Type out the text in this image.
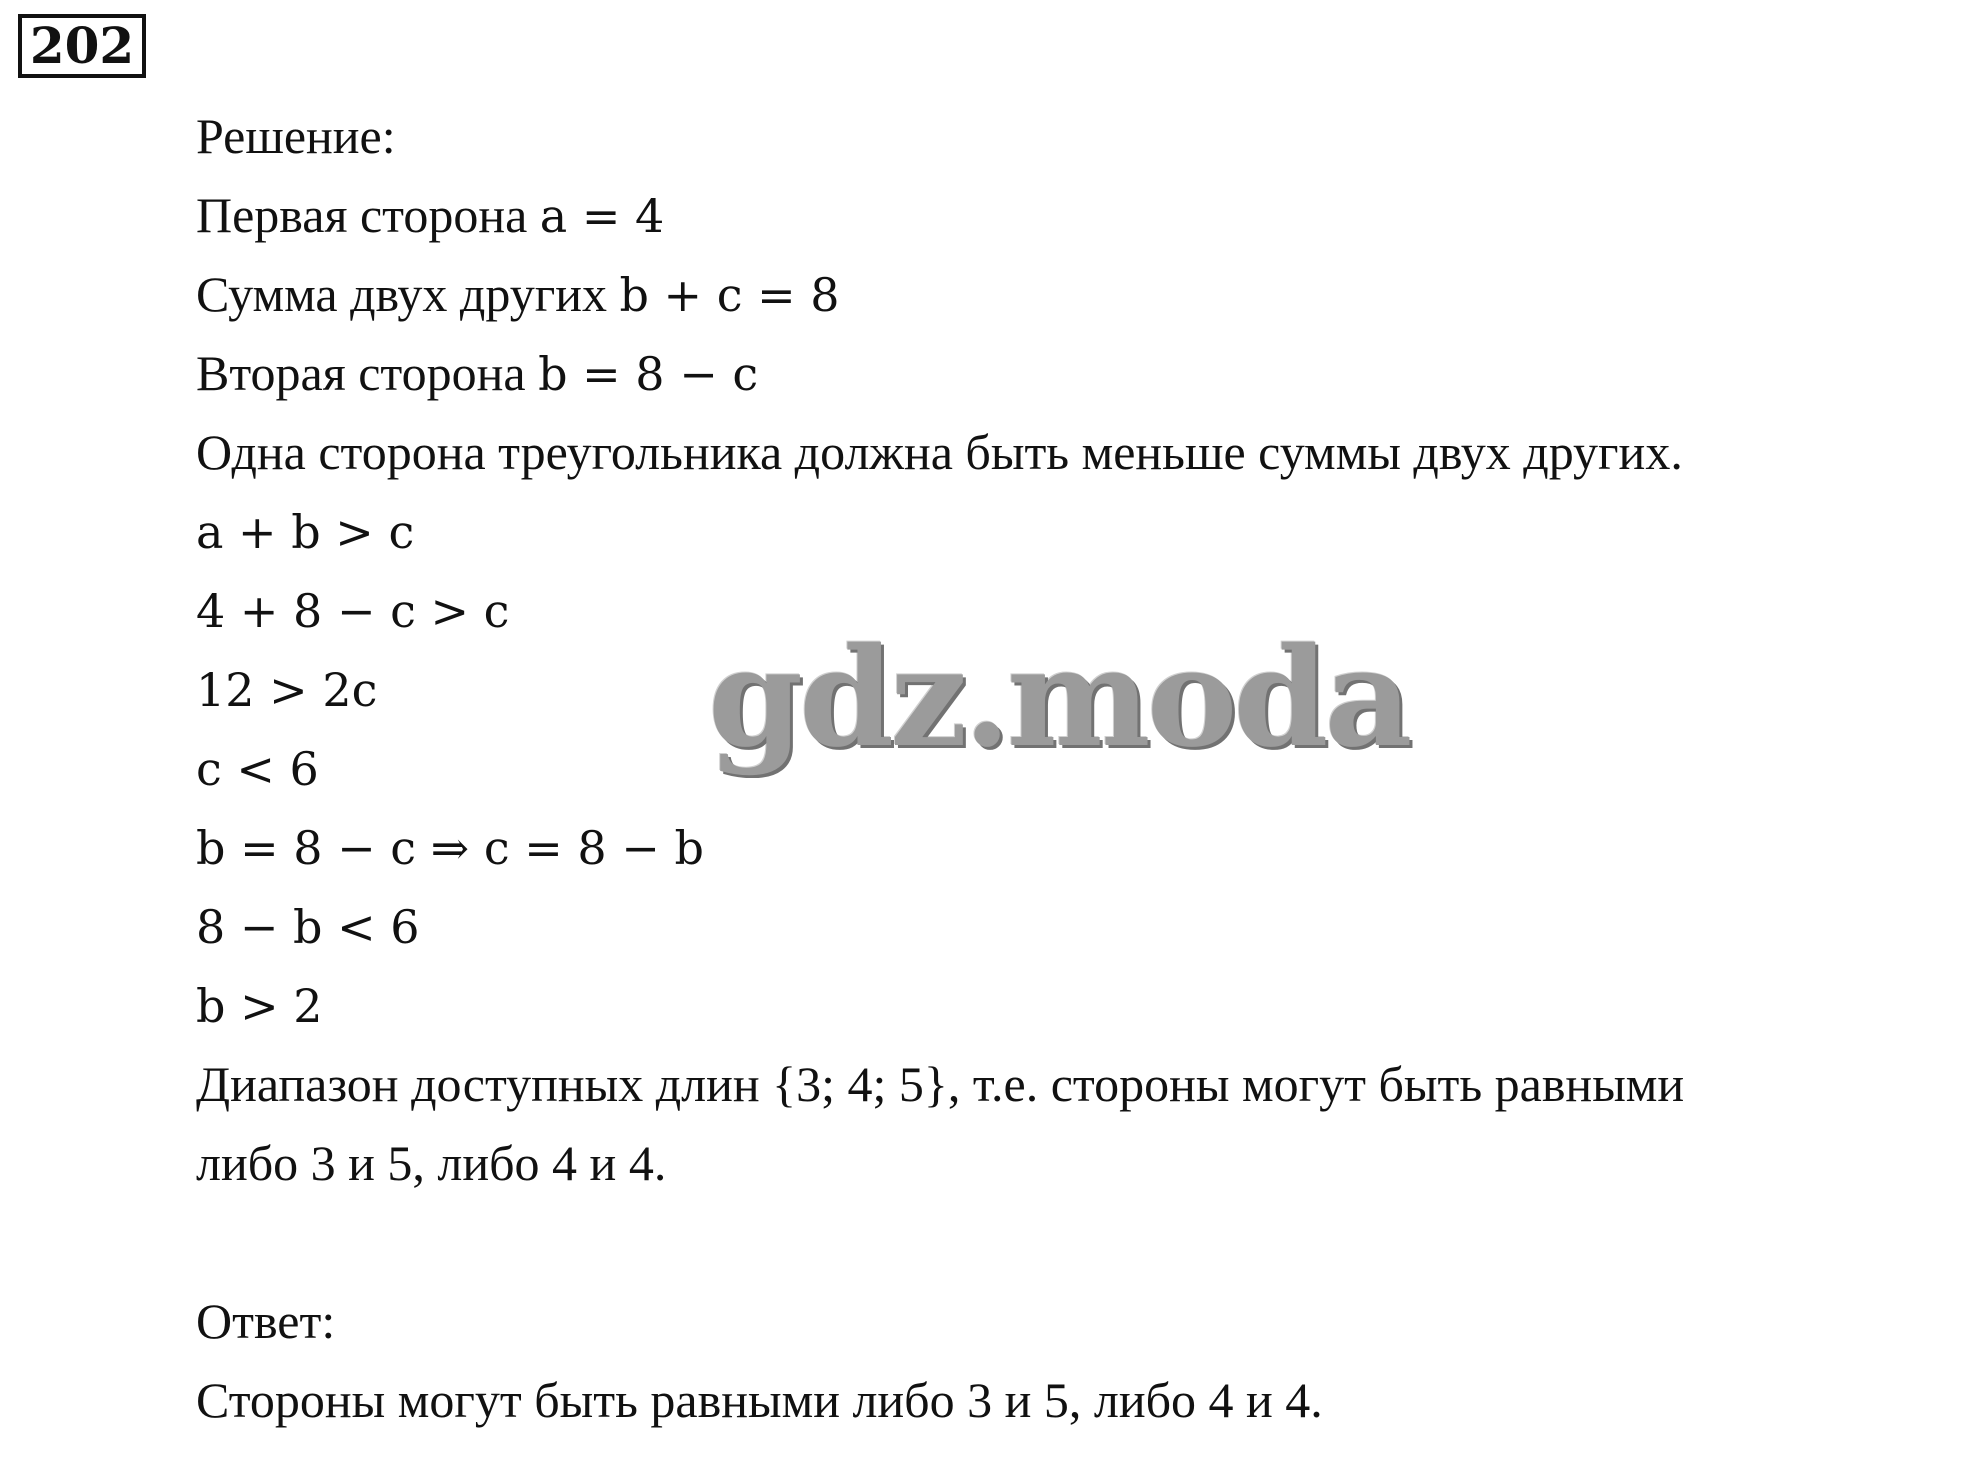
202
Решение:
Первая сторона a = 4
Сумма двух других b + c = 8
Вторая сторона b = 8 − c
Одна сторона треугольника должна быть меньше суммы двух других.
a + b > c
4 + 8 − c > c
12 > 2c
c < 6
b = 8 − c ⇒ c = 8 − b
8 − b < 6
b > 2
Диапазон доступных длин {3; 4; 5}, т.е. стороны могут быть равными
либо 3 и 5, либо 4 и 4.
Ответ:
Стороны могут быть равными либо 3 и 5, либо 4 и 4.
gdz.moda
